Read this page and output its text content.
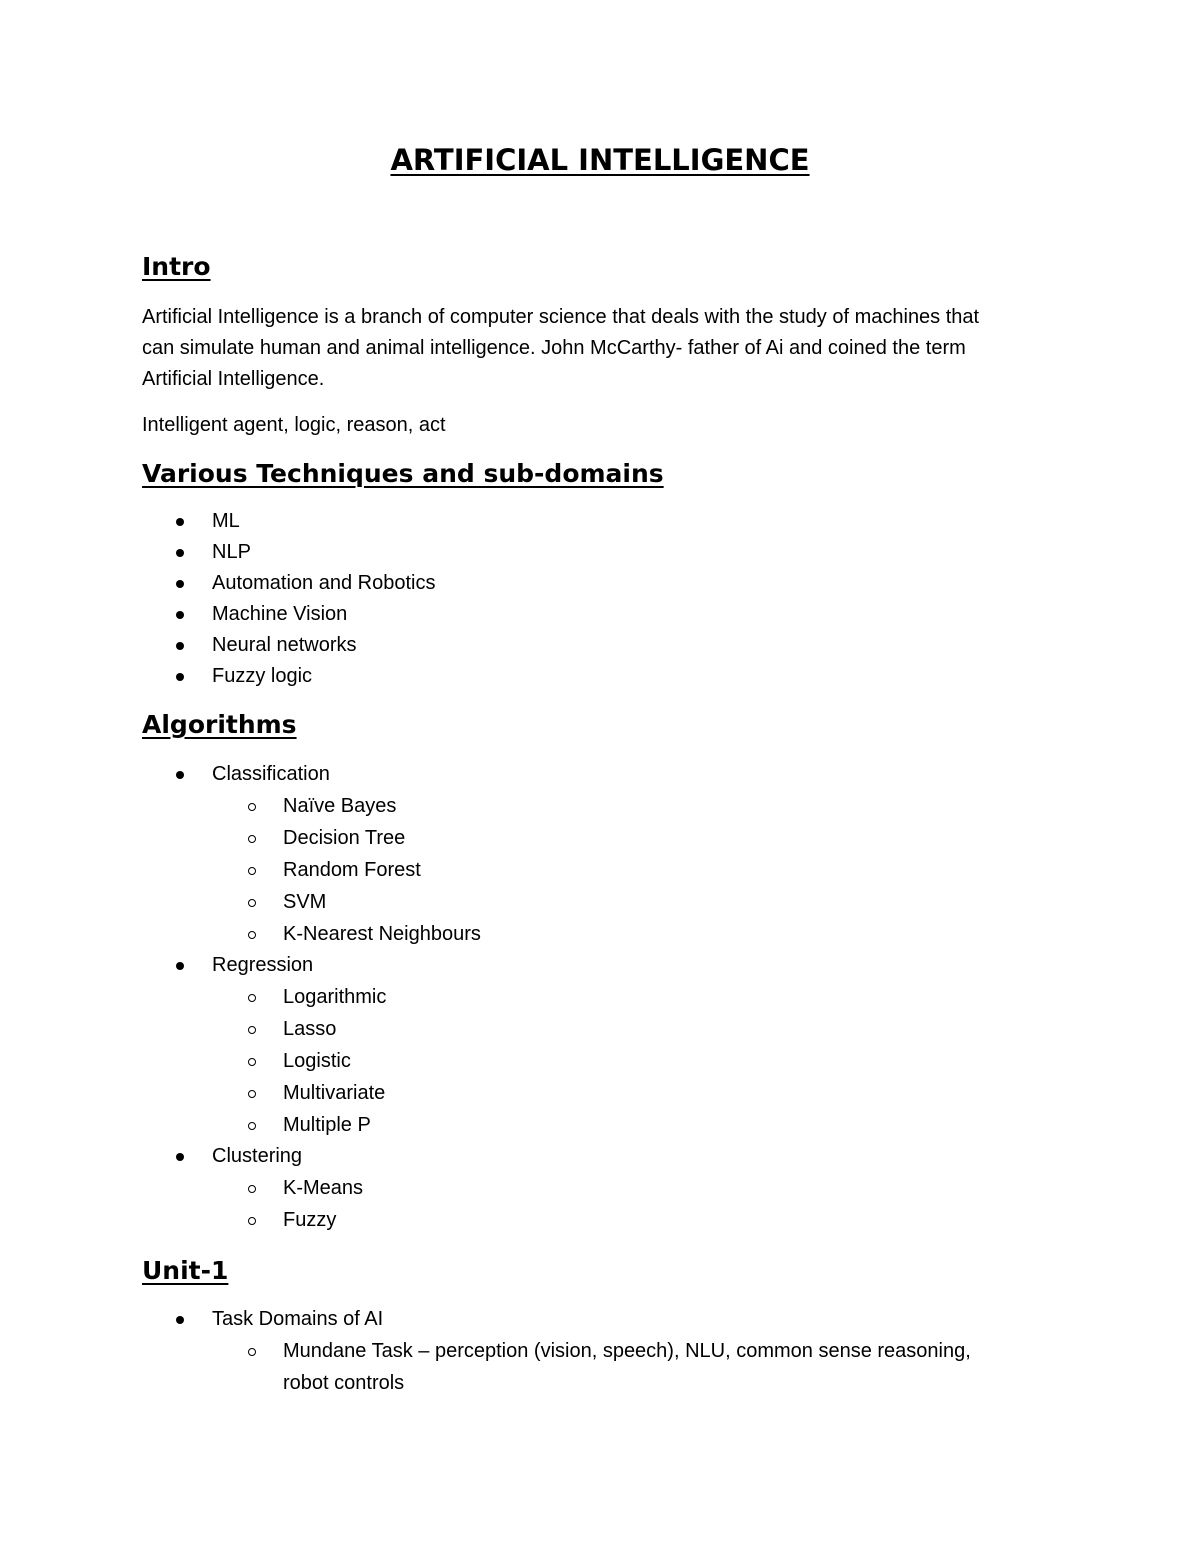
ARTIFICIAL INTELLIGENCE
Intro
Artificial Intelligence is a branch of computer science that deals with the study of machines that
can simulate human and animal intelligence. John McCarthy- father of Ai and coined the term
Artificial Intelligence.
Intelligent agent, logic, reason, act
Various Techniques and sub-domains
ML
NLP
Automation and Robotics
Machine Vision
Neural networks
Fuzzy logic
Algorithms
Classification
Naïve Bayes
Decision Tree
Random Forest
SVM
K-Nearest Neighbours
Regression
Logarithmic
Lasso
Logistic
Multivariate
Multiple P
Clustering
K-Means
Fuzzy
Unit-1
Task Domains of AI
Mundane Task – perception (vision, speech), NLU, common sense reasoning,
robot controls
